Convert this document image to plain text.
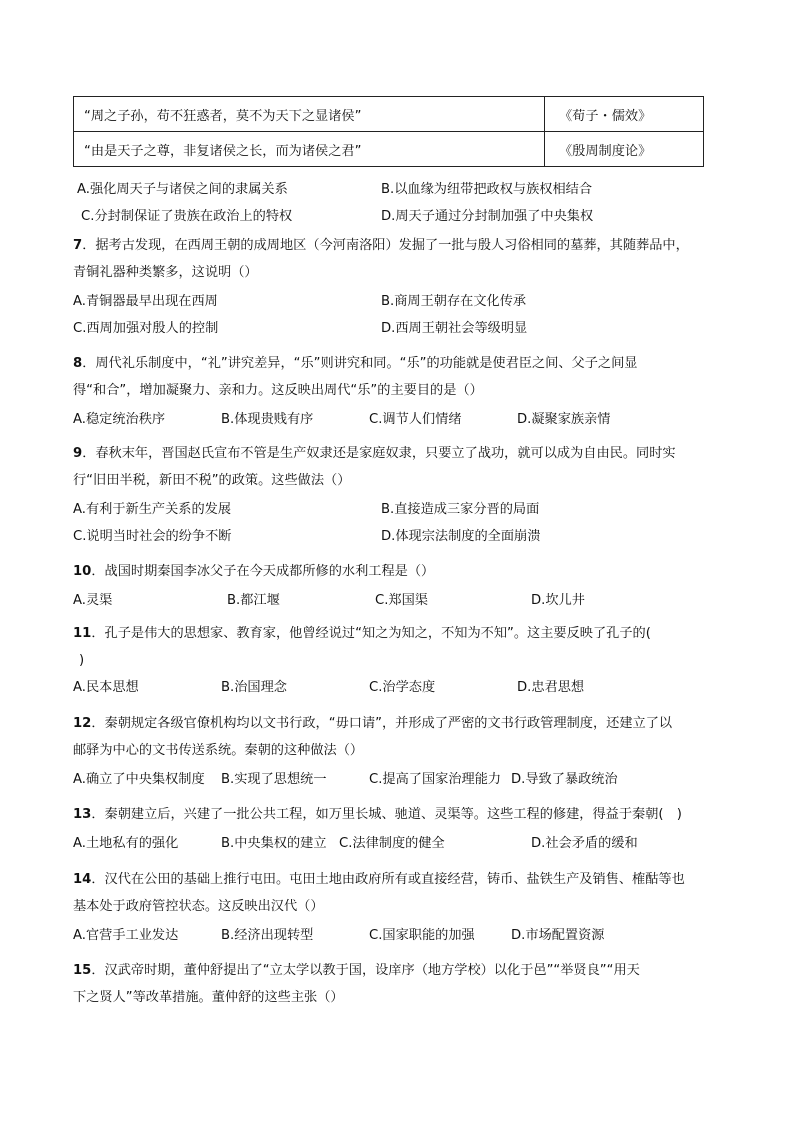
“周之子孙，苟不狂惑者，莫不为天下之显诸侯”	《荀子・儒效》
“由是天子之尊，非复诸侯之长，而为诸侯之君”	《殷周制度论》
A.强化周天子与诸侯之间的隶属关系	B.以血缘为纽带把政权与族权相结合
C.分封制保证了贵族在政治上的特权	D.周天子通过分封制加强了中央集权
7．据考古发现，在西周王朝的成周地区（今河南洛阳）发掘了一批与殷人习俗相同的墓葬，其随葬品中，
青铜礼器种类繁多，这说明（）
A.青铜器最早出现在西周	B.商周王朝存在文化传承
C.西周加强对殷人的控制	D.西周王朝社会等级明显
8．周代礼乐制度中，“礼”讲究差异，“乐”则讲究和同。“乐”的功能就是使君臣之间、父子之间显
得“和合”，增加凝聚力、亲和力。这反映出周代“乐”的主要目的是（）
A.稳定统治秩序	B.体现贵贱有序	C.调节人们情绪	D.凝聚家族亲情
9．春秋末年，晋国赵氏宣布不管是生产奴隶还是家庭奴隶，只要立了战功，就可以成为自由民。同时实
行“旧田半税，新田不税”的政策。这些做法（）
A.有利于新生产关系的发展	B.直接造成三家分晋的局面
C.说明当时社会的纷争不断	D.体现宗法制度的全面崩溃
10．战国时期秦国李冰父子在今天成都所修的水利工程是（）
A.灵渠	B.都江堰	C.郑国渠	D.坎儿井
11．孔子是伟大的思想家、教育家，他曾经说过“知之为知之，不知为不知”。这主要反映了孔子的(
)
A.民本思想	B.治国理念	C.治学态度	D.忠君思想
12．秦朝规定各级官僚机构均以文书行政，“毋口请”，并形成了严密的文书行政管理制度，还建立了以
邮驿为中心的文书传送系统。秦朝的这种做法（）
A.确立了中央集权制度 B.实现了思想统一	C.提高了国家治理能力 D.导致了暴政统治
13．秦朝建立后，兴建了一批公共工程，如万里长城、驰道、灵渠等。这些工程的修建，得益于秦朝(　)
A.土地私有的强化	B.中央集权的建立 C.法律制度的健全	D.社会矛盾的缓和
14．汉代在公田的基础上推行屯田。屯田土地由政府所有或直接经营，铸币、盐铁生产及销售、榷酤等也
基本处于政府管控状态。这反映出汉代（）
A.官营手工业发达	B.经济出现转型	C.国家职能的加强	D.市场配置资源
15．汉武帝时期，董仲舒提出了“立太学以教于国，设庠序（地方学校）以化于邑”“举贤良”“用天
下之贤人”等改革措施。董仲舒的这些主张（）
